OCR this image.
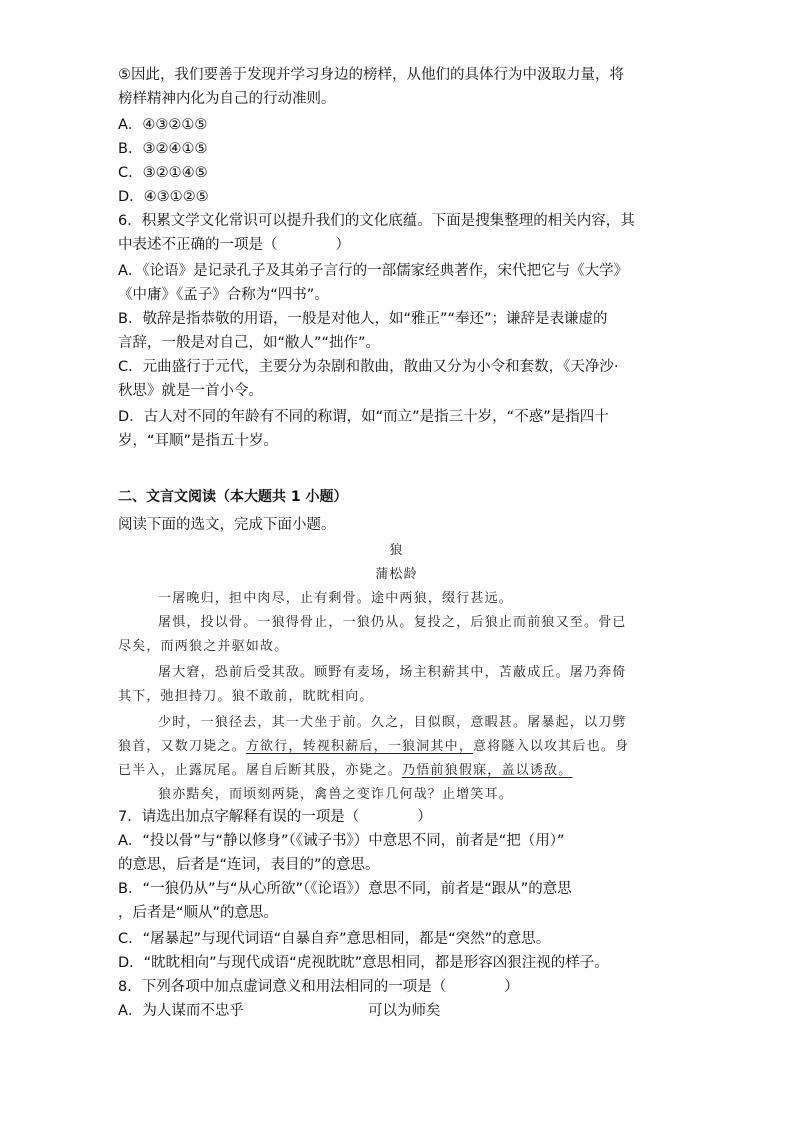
⑤因此，我们要善于发现并学习身边的榜样，从他们的具体行为中汲取力量，将
榜样精神内化为自己的行动准则。
A．④③②①⑤
B．③②④①⑤
C．③②①④⑤
D．④③①②⑤
6．积累文学文化常识可以提升我们的文化底蕴。下面是搜集整理的相关内容，其
中表述不正确的一项是（　　　　）
A．《论语》是记录孔子及其弟子言行的一部儒家经典著作，宋代把它与《大学》
《中庸》《孟子》合称为“四书”。
B．敬辞是指恭敬的用语，一般是对他人，如“雅正”“奉还”；谦辞是表谦虚的
言辞，一般是对自己，如“敝人”“拙作”。
C．元曲盛行于元代，主要分为杂剧和散曲，散曲又分为小令和套数，《天净沙·
秋思》就是一首小令。
D．古人对不同的年龄有不同的称谓，如“而立”是指三十岁，“不惑”是指四十
岁，“耳顺”是指五十岁。
二、文言文阅读（本大题共 1 小题）
阅读下面的选文，完成下面小题。
狼
蒲松龄
一屠晚归，担中肉尽，止有剩骨。途中两狼，缀行甚远。
屠惧，投以骨。一狼得骨止，一狼仍从。复投之，后狼止而前狼又至。骨已
尽矣，而两狼之并驱如故。
屠大窘，恐前后受其敌。顾野有麦场，场主积薪其中，苫蔽成丘。屠乃奔倚
其下，弛担持刀。狼不敢前，眈眈相向。
少时，一狼径去，其一犬坐于前。久之，目似瞑，意暇甚。屠暴起，以刀劈
狼首，又数刀毙之。方欲行，转视积薪后，一狼洞其中，意将隧入以攻其后也。身
已半入，止露尻尾。屠自后断其股，亦毙之。乃悟前狼假寐，盖以诱敌。
狼亦黠矣，而顷刻两毙，禽兽之变诈几何哉？止增笑耳。
7．请选出加点字解释有误的一项是（　　　　）
A．“投以骨”与“静以修身”（《诫子书》）中意思不同，前者是“把（用）”
的意思，后者是“连词，表目的”的意思。
B．“一狼仍从”与“从心所欲”（《论语》）意思不同，前者是“跟从”的意思
，后者是“顺从”的意思。
C．“屠暴起”与现代词语“自暴自弃”意思相同，都是“突然”的意思。
D．“眈眈相向”与现代成语“虎视眈眈”意思相同，都是形容凶狠注视的样子。
8．下列各项中加点虚词意义和用法相同的一项是（　　　　）
A．为人谋而不忠乎	可以为师矣
